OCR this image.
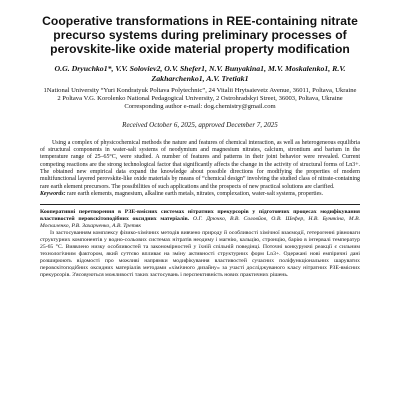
Cooperative transformations in REE-containing nitrate precurso systems during preliminary processes of perovskite-like oxide material property modification
O.G. Dryuchko1*, V.V. Soloviev2, O.V. Shefer1, N.V. Bunyakina1, M.V. Moskalenko1, R.V. Zakharchenko1, A.V. Tretiak1

1National University “Yuri Kondratyuk Poltava Polytechnic”, 24 Vitalii Hrytsaievetz Avenue, 36011, Poltava, Ukraine

2 Poltava V.G. Korolenko National Pedagogical University, 2 Ostrohradskyi Street, 36003, Poltava, Ukraine

Corresponding author e-mail: dog.chemistry@gmail.com
Received October 6, 2025, approved December 7, 2025

Using a complex of physicochemical methods the nature and features of chemical interaction, as well as heterogeneous equilibria of structural components in water-salt systems of neodymium and magnesium nitrates, calcium, strontium and barium in the temperature range of 25–65°C, were studied. A number of features and patterns in their joint behavior were revealed. Current competing reactions are the strong technological factor that significantly affects the change in the activity of structural forms of Ln3+. The obtained new empirical data expand the knowledge about possible directions for modifying the properties of modern multifunctional layered perovskite-like oxide materials by means of “chemical design” involving the studied class of nitrate-containing rare earth element precursors. The possibilities of such applications and the prospects of new practical solutions are clarified.

Keywords: rare earth elements, magnesium, alkaline earth metals, nitrates, complexation, water-salt systems, properties.

Кооперативні перетворення в РЗЕ-вмісних системах нітратних прекурсорів у підготовчих процесах модифікування властивостей перовскітоподібних оксидних матеріалів. О.Г. Дрючко, В.В. Соловйов, О.В. Шефер, Н.В. Бунякіна, М.В. Москаленко, Р.В. Захарченко, А.В. Третяк

Із застосуванням комплексу фізико-хімічних методів вивчено природу й особливості хімічної взаємодії, гетерогенні рівноваги структурних компонентів у водно-сольових системах нітратів неодиму і магнію, кальцію, стронцію, барію в інтервалі температур 25-65 °С. Виявлено низку особливостей та закономірностей у їхній спільній поведінці. Поточні конкуруючі реакції є сильним технологічним фактором, який суттєво впливає на зміну активності структурних форм Ln3+. Одержані нові емпіричні дані розширюють відомості про можливі напрямки модифікування властивостей сучасних поліфункціональних шаруватих перовскітоподібних оксидних матеріалів методами «хімічного дизайну» за участі досліджуваного класу нітратних РЗЕ-вмісних прекурсорів. З'ясовуються можливості таких застосувань і перспективність нових практичних рішень.
